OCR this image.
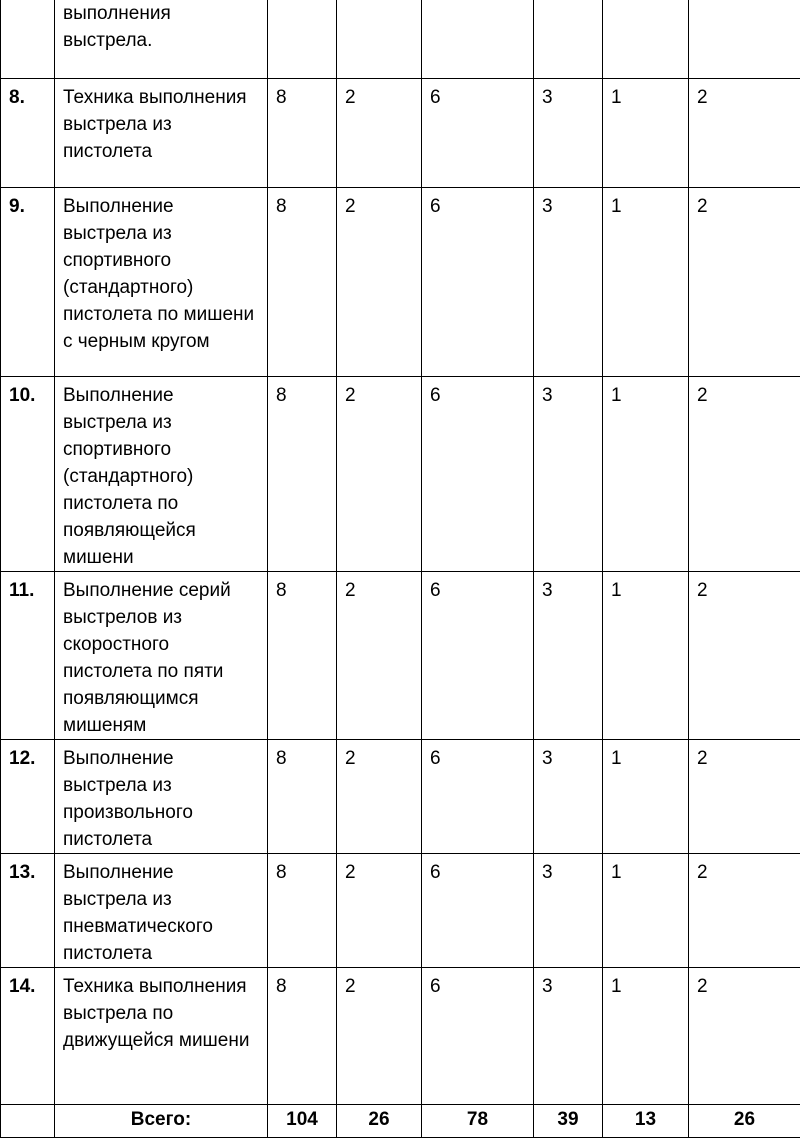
	выполнения выстрела.						
8.	Техника выполнения выстрела из пистолета	8	2	6	3	1	2
9.	Выполнение выстрела из спортивного (стандартного) пистолета по мишени с черным кругом	8	2	6	3	1	2
10.	Выполнение выстрела из спортивного (стандартного) пистолета по появляющейся мишени	8	2	6	3	1	2
11.	Выполнение серий выстрелов из скоростного пистолета по пяти появляющимся мишеням	8	2	6	3	1	2
12.	Выполнение выстрела из произвольного пистолета	8	2	6	3	1	2
13.	Выполнение выстрела из пневматического пистолета	8	2	6	3	1	2
14.	Техника выполнения выстрела по движущейся мишени	8	2	6	3	1	2
	Всего:	104	26	78	39	13	26
